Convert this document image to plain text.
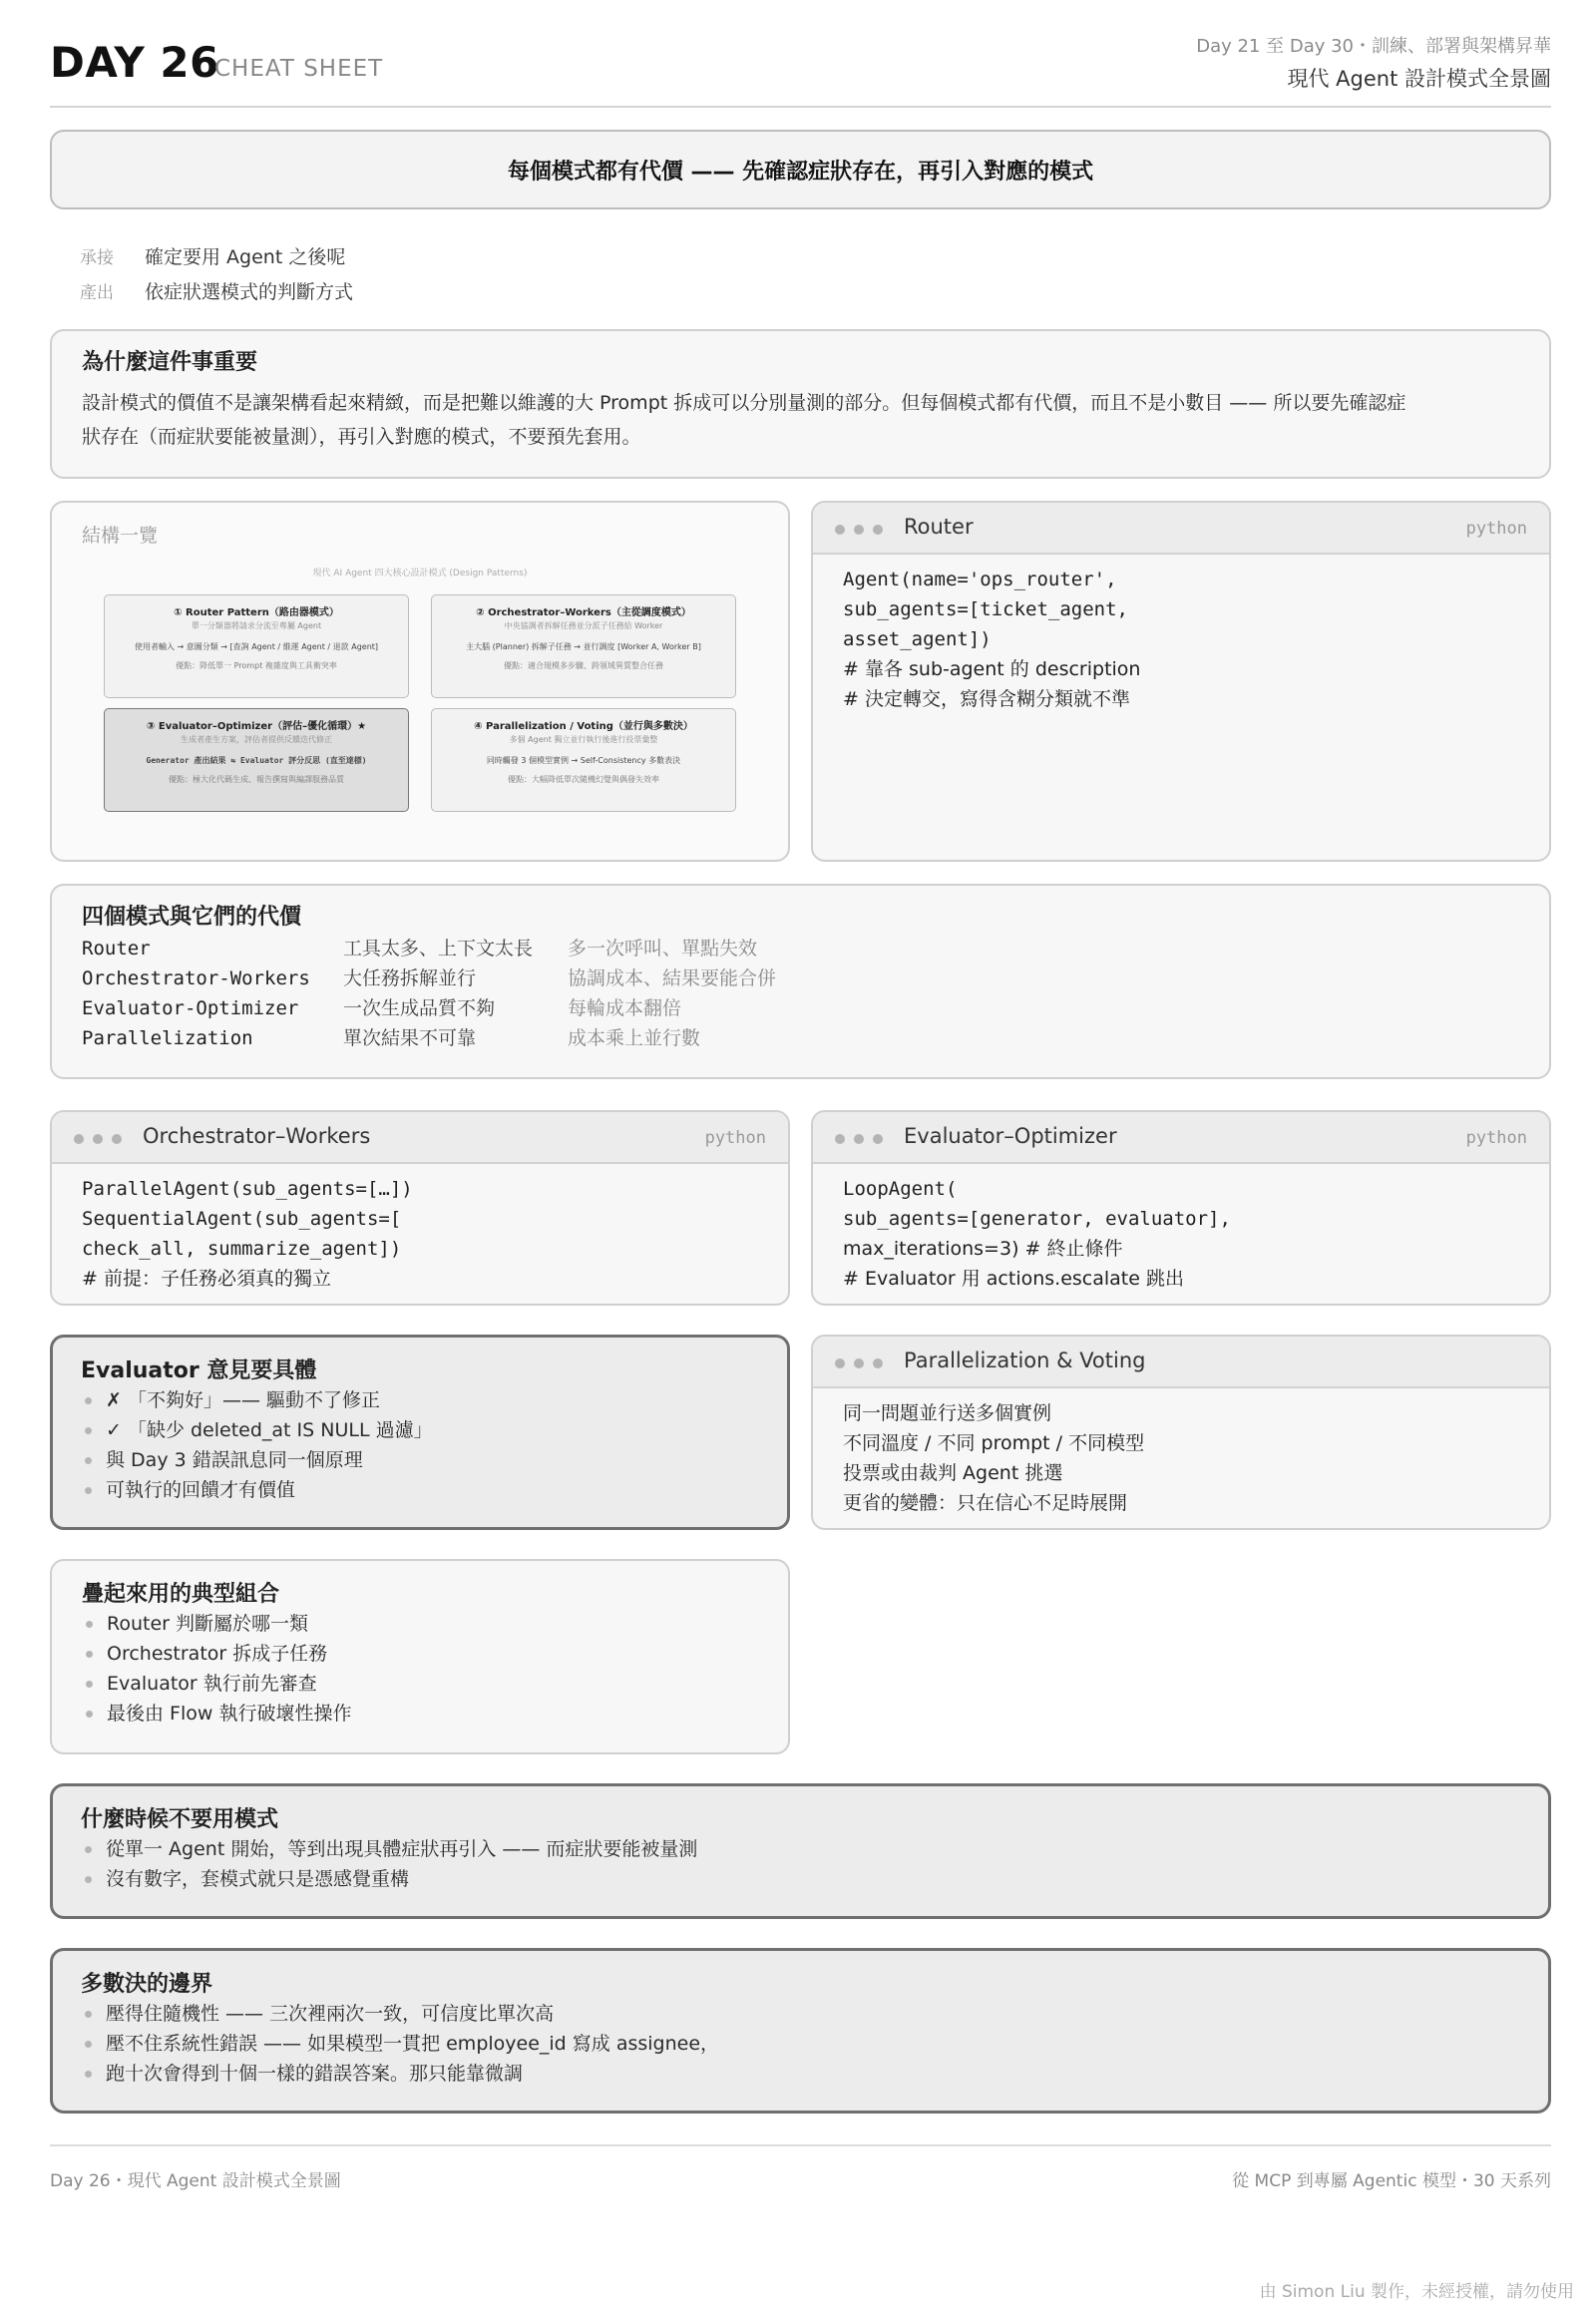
DAY 26
CHEAT SHEET
Day 21 至 Day 30・訓練、部署與架構昇華
現代 Agent 設計模式全景圖
每個模式都有代價 —— 先確認症狀存在，再引入對應的模式
承接 確定要用 Agent 之後呢
產出 依症狀選模式的判斷方式
為什麼這件事重要
設計模式的價值不是讓架構看起來精緻，而是把難以維護的大 Prompt 拆成可以分別量測的部分。但每個模式都有代價，而且不是小數目 —— 所以要先確認症
狀存在（而症狀要能被量測），再引入對應的模式，不要預先套用。
結構一覽
現代 AI Agent 四大核心設計模式 (Design Patterns)
① Router Pattern（路由器模式）
單一分類器將請求分流至專屬 Agent
使用者輸入 → 意圖分類 → [查詢 Agent / 維運 Agent / 退款 Agent]
優點：降低單一 Prompt 複雜度與工具衝突率
② Orchestrator–Workers（主從調度模式）
中央協調者拆解任務並分派子任務給 Worker
主大腦 (Planner) 拆解子任務 → 並行調度 [Worker A, Worker B]
優點：適合規模多步驟、跨領域異質整合任務
③ Evaluator–Optimizer（評估–優化循環）★
生成者產生方案，評估者提供反饋迭代修正
Generator 產出結果 ⇆ Evaluator 評分反思 (直至達標)
優點：極大化代碼生成、報告撰寫與編譯服務品質
④ Parallelization / Voting（並行與多數決）
多個 Agent 獨立並行執行後進行投票彙整
同時觸發 3 個模型實例 → Self-Consistency 多數表決
優點：大幅降低單次隨機幻覺與偶發失效率
Router	python
Agent(name='ops_router',
sub_agents=[ticket_agent,
asset_agent])
# 靠各 sub-agent 的 description
# 決定轉交，寫得含糊分類就不準
四個模式與它們的代價
Router	工具太多、上下文太長 多一次呼叫、單點失效
Orchestrator-Workers 大任務拆解並行	協調成本、結果要能合併
Evaluator-Optimizer 一次生成品質不夠	每輪成本翻倍
Parallelization	單次結果不可靠	成本乘上並行數
Orchestrator–Workers	python
ParallelAgent(sub_agents=[…])
SequentialAgent(sub_agents=[
check_all, summarize_agent])
# 前提：子任務必須真的獨立
Evaluator–Optimizer	python
LoopAgent(
sub_agents=[generator, evaluator],
max_iterations=3) # 終止條件
# Evaluator 用 actions.escalate 跳出
Evaluator 意見要具體
✗ 「不夠好」—— 驅動不了修正
✓ 「缺少 deleted_at IS NULL 過濾」
與 Day 3 錯誤訊息同一個原理
可執行的回饋才有價值
Parallelization & Voting
同一問題並行送多個實例
不同溫度 / 不同 prompt / 不同模型
投票或由裁判 Agent 挑選
更省的變體：只在信心不足時展開
疊起來用的典型組合
Router 判斷屬於哪一類
Orchestrator 拆成子任務
Evaluator 執行前先審查
最後由 Flow 執行破壞性操作
什麼時候不要用模式
從單一 Agent 開始，等到出現具體症狀再引入 —— 而症狀要能被量測
沒有數字，套模式就只是憑感覺重構
多數決的邊界
壓得住隨機性 —— 三次裡兩次一致，可信度比單次高
壓不住系統性錯誤 —— 如果模型一貫把 employee_id 寫成 assignee，
跑十次會得到十個一樣的錯誤答案。那只能靠微調
Day 26・現代 Agent 設計模式全景圖	從 MCP 到專屬 Agentic 模型・30 天系列
由 Simon Liu 製作，未經授權，請勿使用
